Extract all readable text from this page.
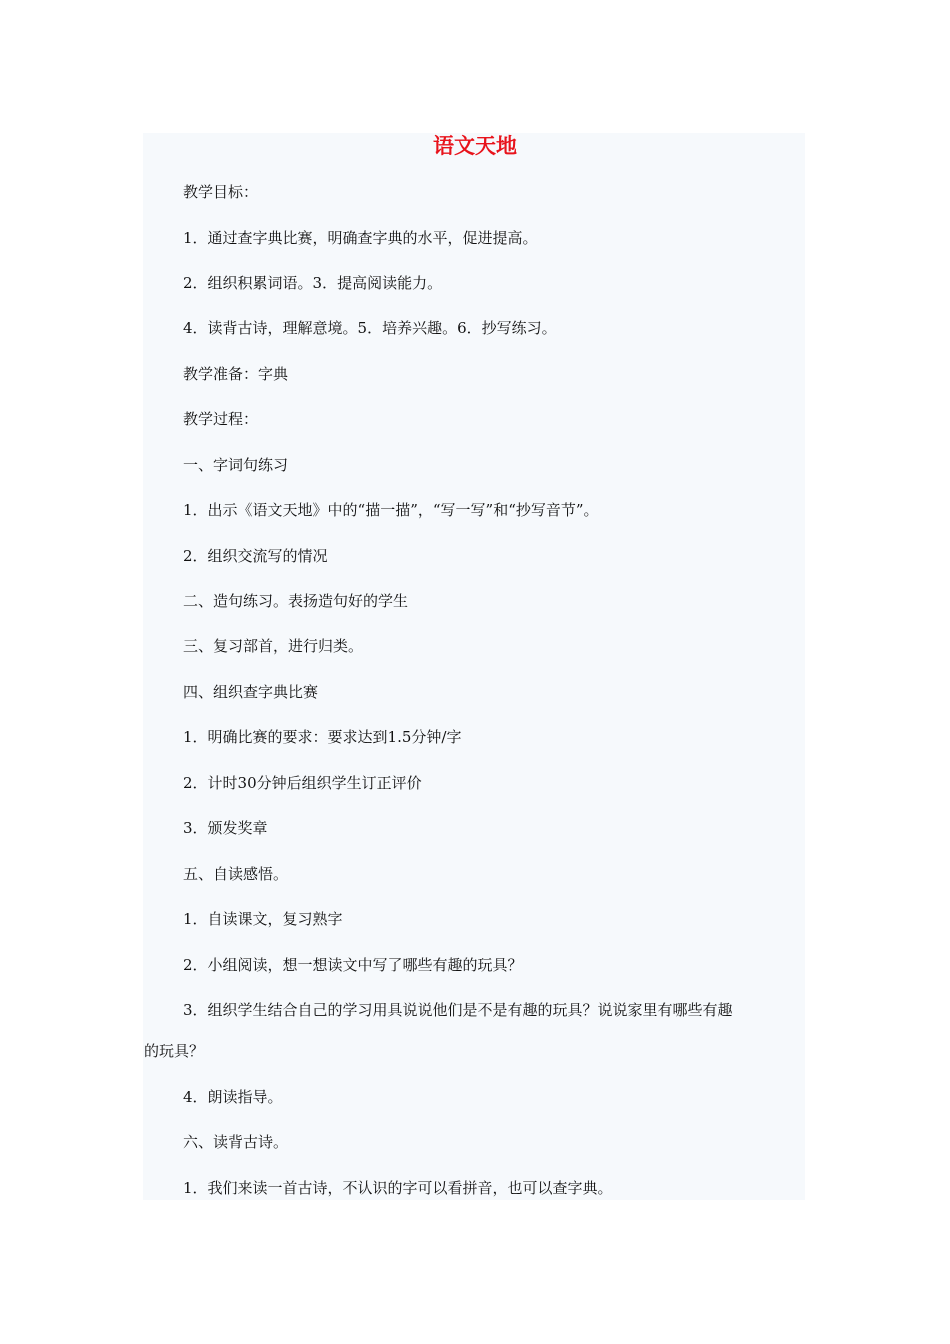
语文天地
教学目标：
1．通过查字典比赛，明确查字典的水平，促进提高。
2．组织积累词语。3．提高阅读能力。
4．读背古诗，理解意境。5．培养兴趣。6．抄写练习。
教学准备：字典
教学过程：
一、字词句练习
1．出示《语文天地》中的“描一描”，“写一写”和“抄写音节”。
2．组织交流写的情况
二、造句练习。表扬造句好的学生
三、复习部首，进行归类。
四、组织查字典比赛
1．明确比赛的要求：要求达到1.5分钟/字
2．计时30分钟后组织学生订正评价
3．颁发奖章
五、自读感悟。
1．自读课文，复习熟字
2．小组阅读，想一想读文中写了哪些有趣的玩具？
3．组织学生结合自己的学习用具说说他们是不是有趣的玩具？说说家里有哪些有趣
的玩具？
4．朗读指导。
六、读背古诗。
1．我们来读一首古诗，不认识的字可以看拼音，也可以查字典。
